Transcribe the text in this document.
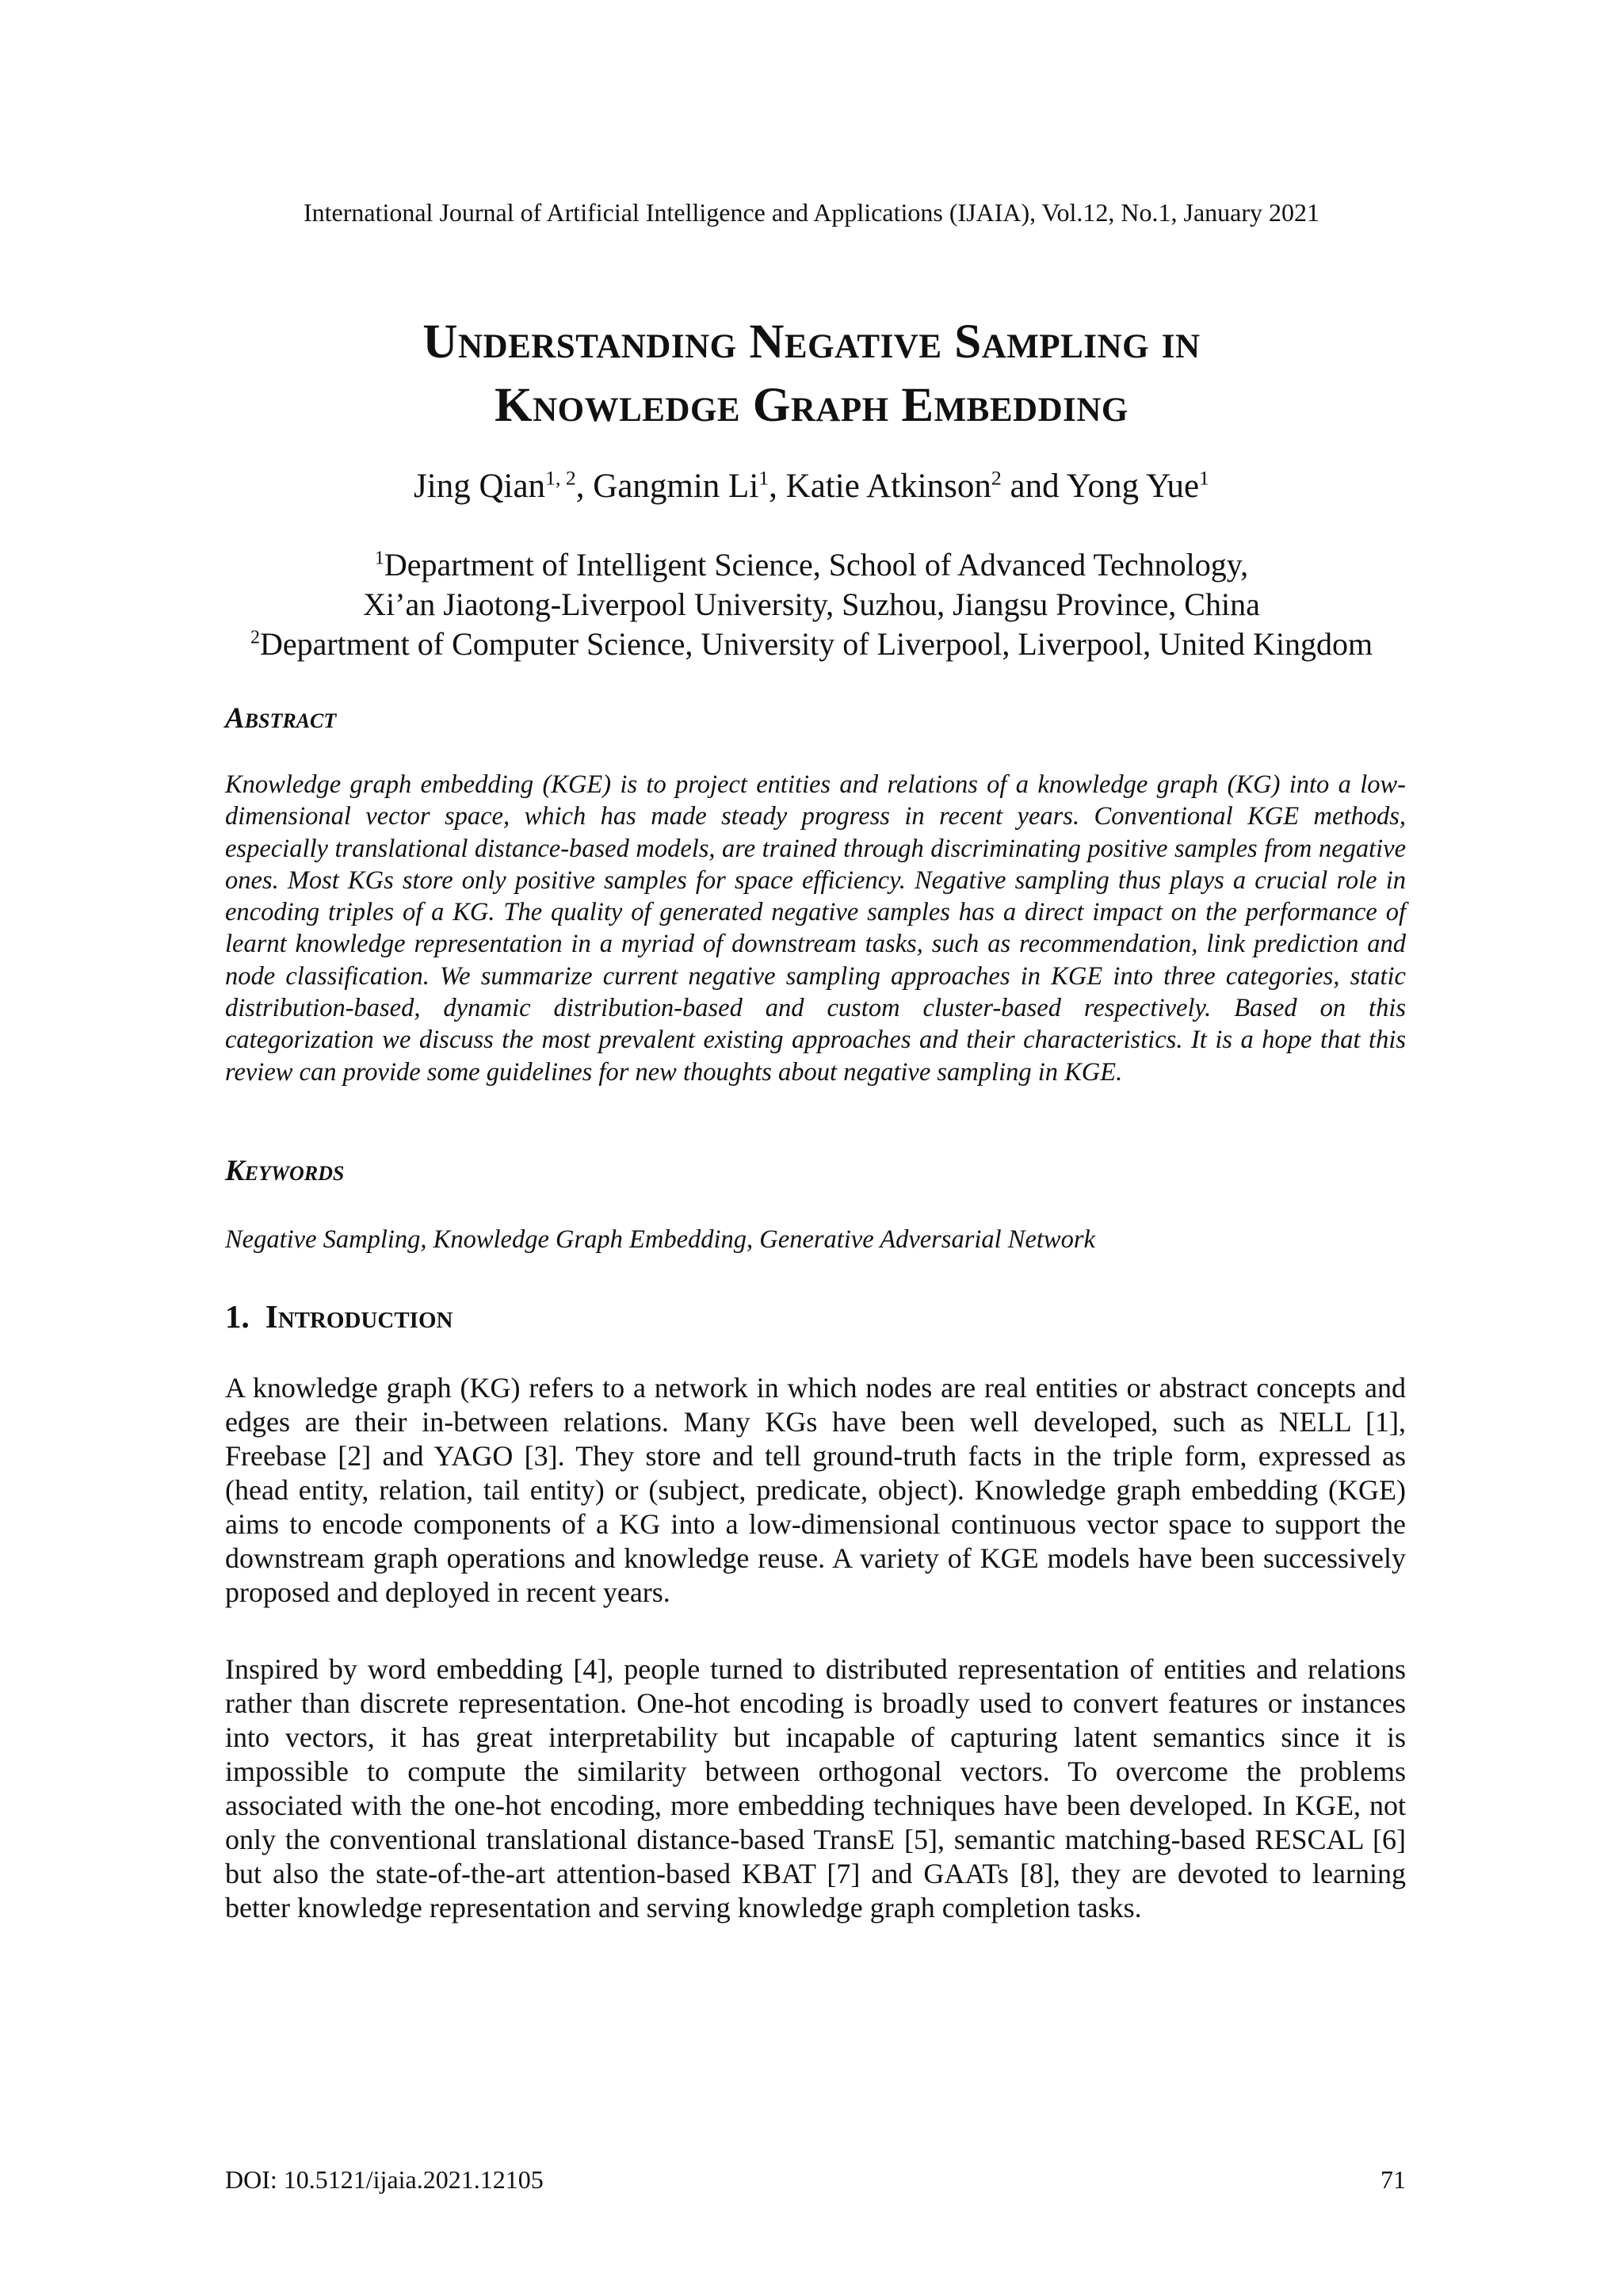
International Journal of Artificial Intelligence and Applications (IJAIA), Vol.12, No.1, January 2021
Understanding Negative Sampling in
Knowledge Graph Embedding
Jing Qian$^{1, 2}$, Gangmin Li$^1$, Katie Atkinson$^2$ and Yong Yue$^1$
$^1$Department of Intelligent Science, School of Advanced Technology,
Xi’an Jiaotong-Liverpool University, Suzhou, Jiangsu Province, China
$^2$Department of Computer Science, University of Liverpool, Liverpool, United Kingdom
Abstract
Knowledge graph embedding (KGE) is to project entities and relations of a knowledge graph (KG) into a low-dimensional vector space, which has made steady progress in recent years. Conventional KGE methods, especially translational distance-based models, are trained through discriminating positive samples from negative ones. Most KGs store only positive samples for space efficiency. Negative sampling thus plays a crucial role in encoding triples of a KG. The quality of generated negative samples has a direct impact on the performance of learnt knowledge representation in a myriad of downstream tasks, such as recommendation, link prediction and node classification. We summarize current negative sampling approaches in KGE into three categories, static distribution-based, dynamic distribution-based and custom cluster-based respectively. Based on this categorization we discuss the most prevalent existing approaches and their characteristics. It is a hope that this review can provide some guidelines for new thoughts about negative sampling in KGE.
Keywords
Negative Sampling, Knowledge Graph Embedding, Generative Adversarial Network
1. Introduction
A knowledge graph (KG) refers to a network in which nodes are real entities or abstract concepts and edges are their in-between relations. Many KGs have been well developed, such as NELL [1], Freebase [2] and YAGO [3]. They store and tell ground-truth facts in the triple form, expressed as (head entity, relation, tail entity) or (subject, predicate, object). Knowledge graph embedding (KGE) aims to encode components of a KG into a low-dimensional continuous vector space to support the downstream graph operations and knowledge reuse. A variety of KGE models have been successively proposed and deployed in recent years.
Inspired by word embedding [4], people turned to distributed representation of entities and relations rather than discrete representation. One-hot encoding is broadly used to convert features or instances into vectors, it has great interpretability but incapable of capturing latent semantics since it is impossible to compute the similarity between orthogonal vectors. To overcome the problems associated with the one-hot encoding, more embedding techniques have been developed. In KGE, not only the conventional translational distance-based TransE [5], semantic matching-based RESCAL [6] but also the state-of-the-art attention-based KBAT [7] and GAATs [8], they are devoted to learning better knowledge representation and serving knowledge graph completion tasks.
DOI: 10.5121/ijaia.2021.12105	71
